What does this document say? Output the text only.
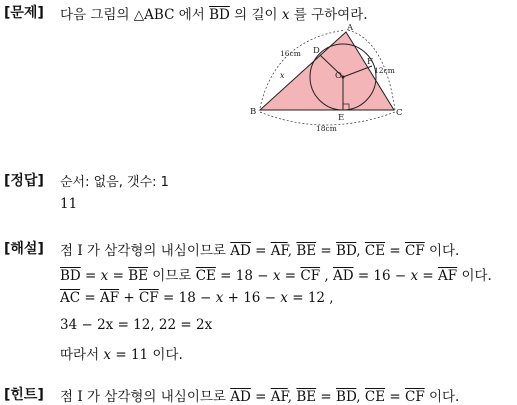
[문제] 다음 그림의 △ABC 에서 $\overline{BD}$ 의 길이 x 를 구하여라.
A
B	C
D
E
F
O
16cm
12cm
18cm
x
[정답] 순서: 없음, 갯수: 1
11
[해설] 점 I 가 삼각형의 내심이므로 $\overline{AD} = \overline{AF}$, $\overline{BE} = \overline{BD}$, $\overline{CE} = \overline{CF}$ 이다.
$\overline{BD} = x = \overline{BE}$ 이므로 $\overline{CE} = 18 - x = \overline{CF}$ , $\overline{AD} = 16 - x = \overline{AF}$ 이다.
$\overline{AC} = \overline{AF} + \overline{CF} = 18 - x + 16 - x = 12$ ,
34 − 2x = 12, 22 = 2x
따라서 x = 11 이다.
[힌트] 점 I 가 삼각형의 내심이므로 $\overline{AD} = \overline{AF}$, $\overline{BE} = \overline{BD}$, $\overline{CE} = \overline{CF}$ 이다.
